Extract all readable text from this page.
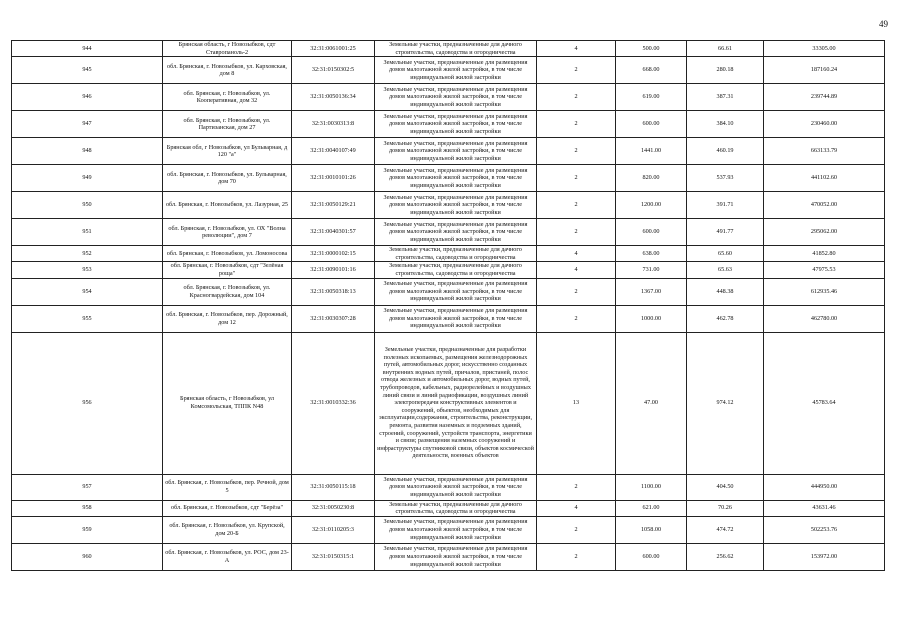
49
944	Брянская область, г Новозыбков, сдт Ставропаноль-2	32:31:0061001:25	Земельные участки, предназначенные для дачного строительства, садоводства и огородничества	4	500.00	66.61	33305.00
945	обл. Брянская, г. Новозыбков, ул. Карховская, дом 8	32:31:0150302:5	Земельные участки, предназначенные для размещения домов малоэтажной жилой застройки, в том числе индивидуальной жилой застройки	2	668.00	280.18	187160.24
946	обл. Брянская, г. Новозыбков, ул. Кооперативная, дом 32	32:31:0050136:34	Земельные участки, предназначенные для размещения домов малоэтажной жилой застройки, в том числе индивидуальной жилой застройки	2	619.00	387.31	239744.89
947	обл. Брянская, г. Новозыбков, ул. Партизанская, дом 27	32:31:0030313:8	Земельные участки, предназначенные для размещения домов малоэтажной жилой застройки, в том числе индивидуальной жилой застройки	2	600.00	384.10	230460.00
948	Брянская обл, г Новозыбков, ул Бульварная, д 120 "а"	32:31:0040107:49	Земельные участки, предназначенные для размещения домов малоэтажной жилой застройки, в том числе индивидуальной жилой застройки	2	1441.00	460.19	663133.79
949	обл. Брянская, г. Новозыбков, ул. Бульварная, дом 70	32:31:0010101:26	Земельные участки, предназначенные для размещения домов малоэтажной жилой застройки, в том числе индивидуальной жилой застройки	2	820.00	537.93	441102.60
950	обл. Брянская, г. Новозыбков, ул. Лазурная, 25	32:31:0050129:21	Земельные участки, предназначенные для размещения домов малоэтажной жилой застройки, в том числе индивидуальной жилой застройки	2	1200.00	391.71	470052.00
951	обл. Брянская, г. Новозыбков, ул. ОХ "Волна революции", дом 7	32:31:0040301:57	Земельные участки, предназначенные для размещения домов малоэтажной жилой застройки, в том числе индивидуальной жилой застройки	2	600.00	491.77	295062.00
952	обл. Брянская, г. Новозыбков, ул. Ломоносова	32:31:0000102:15	Земельные участки, предназначенные для дачного строительства, садоводства и огородничества	4	638.00	65.60	41852.80
953	обл. Брянская, г. Новозыбков, сдт "Зелёная роща"	32:31:0090101:16	Земельные участки, предназначенные для дачного строительства, садоводства и огородничества	4	731.00	65.63	47975.53
954	обл. Брянская, г. Новозыбков, ул. Красногвардейская, дом 104	32:31:0050318:13	Земельные участки, предназначенные для размещения домов малоэтажной жилой застройки, в том числе индивидуальной жилой застройки	2	1367.00	448.38	612935.46
955	обл. Брянская, г. Новозыбков, пер. Дорожный, дом 12	32:31:0030307:28	Земельные участки, предназначенные для размещения домов малоэтажной жилой застройки, в том числе индивидуальной жилой застройки	2	1000.00	462.78	462780.00
956	Брянская область, г Новозыбков, ул Комсомольская, ТППК N48	32:31:0010332:36	Земельные участки, предназначенные для разработки полезных ископаемых, размещения железнодорожных путей, автомобильных дорог, искусственно созданных внутренних водных путей, причалов, пристаней, полос отвода железных и автомобильных дорог, водных путей, трубопроводов, кабельных, радиорелейных и воздушных линий связи и линий радиофикации, воздушных линий электропередачи конструктивных элементов и сооружений, объектов, необходимых для эксплуатации,содержания, строительства, реконструкции, ремонта, развития наземных и подземных зданий, строений, сооружений, устройств транспорта, энергетики и связи; размещения наземных сооружений и инфраструктуры спутниковой связи, объектов космической деятельности, военных объектов	13	47.00	974.12	45783.64
957	обл. Брянская, г. Новозыбков, пер. Речной, дом 5	32:31:0050115:18	Земельные участки, предназначенные для размещения домов малоэтажной жилой застройки, в том числе индивидуальной жилой застройки	2	1100.00	404.50	444950.00
958	обл. Брянская, г. Новозыбков, сдт "Берёза"	32:31:0050230:8	Земельные участки, предназначенные для дачного строительства, садоводства и огородничества	4	621.00	70.26	43631.46
959	обл. Брянская, г. Новозыбков, ул. Крупской, дом 20-Б	32:31:0110205:3	Земельные участки, предназначенные для размещения домов малоэтажной жилой застройки, в том числе индивидуальной жилой застройки	2	1058.00	474.72	502253.76
960	обл. Брянская, г. Новозыбков, ул. РОС, дом 23-А	32:31:0150315:1	Земельные участки, предназначенные для размещения домов малоэтажной жилой застройки, в том числе индивидуальной жилой застройки	2	600.00	256.62	153972.00
